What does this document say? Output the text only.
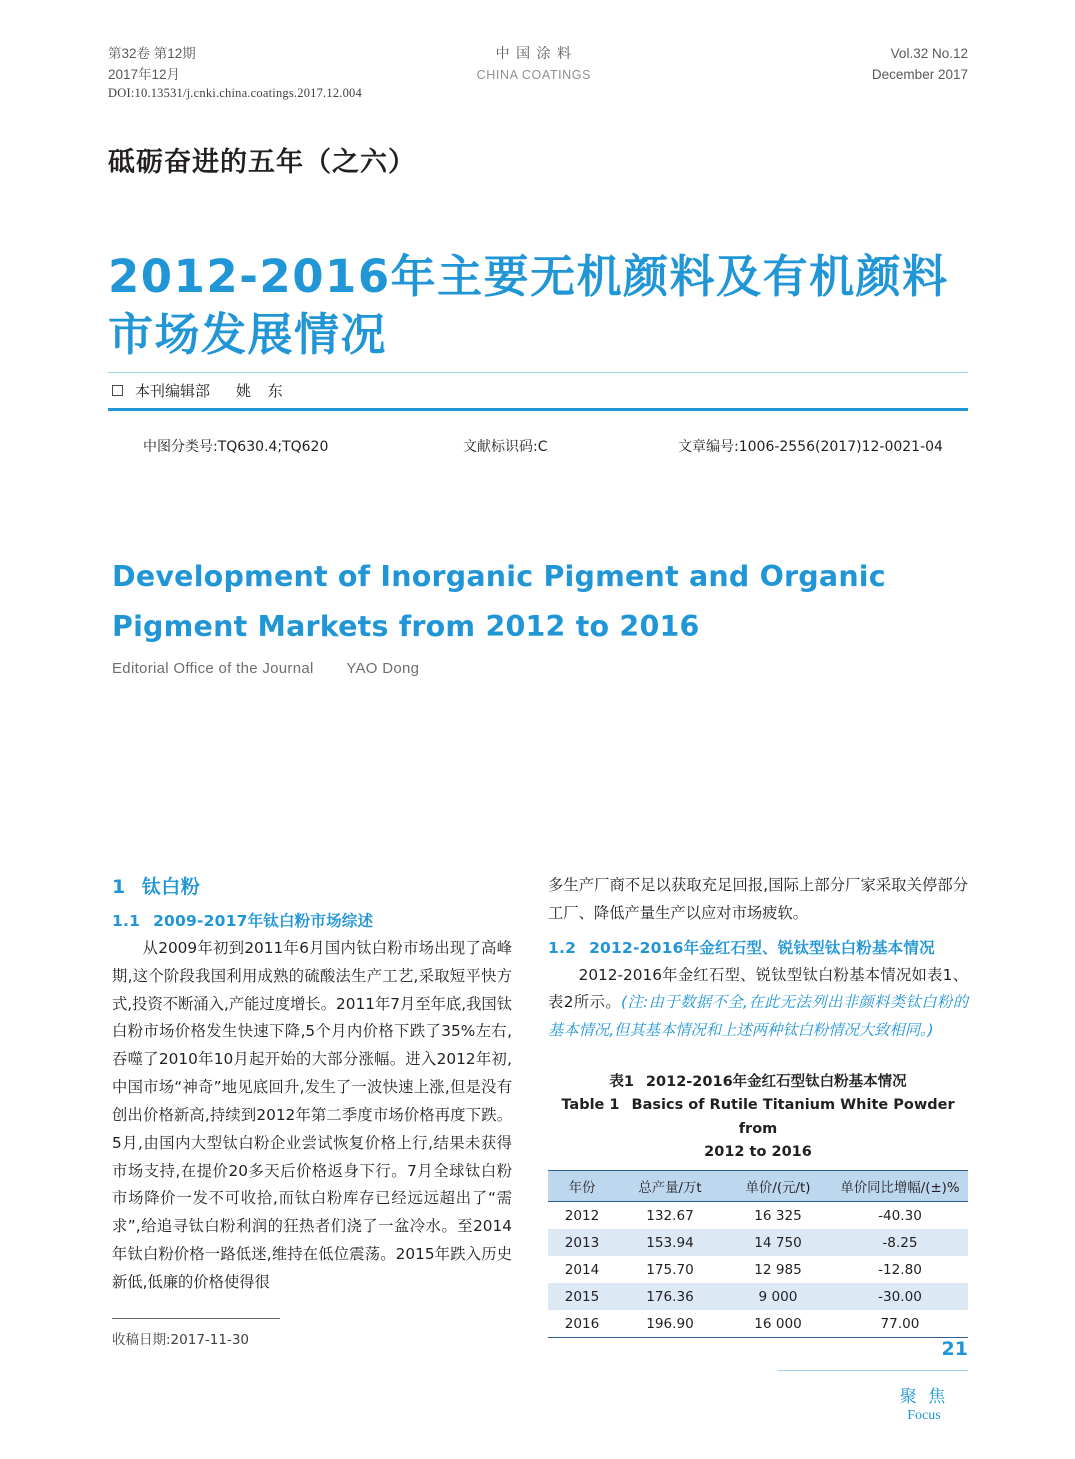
第32卷 第12期
2017年12月
中 国 涂 料
CHINA COATINGS
Vol.32 No.12
December 2017
DOI:10.13531/j.cnki.china.coatings.2017.12.004
砥砺奋进的五年（之六）
2012-2016年主要无机颜料及有机颜料市场发展情况
本刊编辑部 姚 东
中图分类号:TQ630.4;TQ620	文献标识码:C	文章编号:1006-2556(2017)12-0021-04
Development of Inorganic Pigment and Organic Pigment Markets from 2012 to 2016
Editorial Office of the Journal YAO Dong
1 钛白粉
1.1 2009-2017年钛白粉市场综述

从2009年初到2011年6月国内钛白粉市场出现了高峰期,这个阶段我国利用成熟的硫酸法生产工艺,采取短平快方式,投资不断涌入,产能过度增长。2011年7月至年底,我国钛白粉市场价格发生快速下降,5个月内价格下跌了35%左右,吞噬了2010年10月起开始的大部分涨幅。进入2012年初,中国市场“神奇”地见底回升,发生了一波快速上涨,但是没有创出价格新高,持续到2012年第二季度市场价格再度下跌。5月,由国内大型钛白粉企业尝试恢复价格上行,结果未获得市场支持,在提价20多天后价格返身下行。7月全球钛白粉市场降价一发不可收拾,而钛白粉库存已经远远超出了“需求”,给追寻钛白粉利润的狂热者们浇了一盆冷水。至2014年钛白粉价格一路低迷,维持在低位震荡。2015年跌入历史新低,低廉的价格使得很

多生产厂商不足以获取充足回报,国际上部分厂家采取关停部分工厂、降低产量生产以应对市场疲软。

1.2 2012-2016年金红石型、锐钛型钛白粉基本情况

2012-2016年金红石型、锐钛型钛白粉基本情况如表1、表2所示。(注:由于数据不全,在此无法列出非颜料类钛白粉的基本情况,但其基本情况和上述两种钛白粉情况大致相同。)

表1 2012-2016年金红石型钛白粉基本情况
Table 1 Basics of Rutile Titanium White Powder from
2012 to 2016
年份	总产量/万t	单价/(元/t)	单价同比增幅/(±)%
2012	132.67	16 325	-40.30
2013	153.94	14 750	-8.25
2014	175.70	12 985	-12.80
2015	176.36	9 000	-30.00
2016	196.90	16 000	77.00
收稿日期:2017-11-30	21
聚 焦
Focus
